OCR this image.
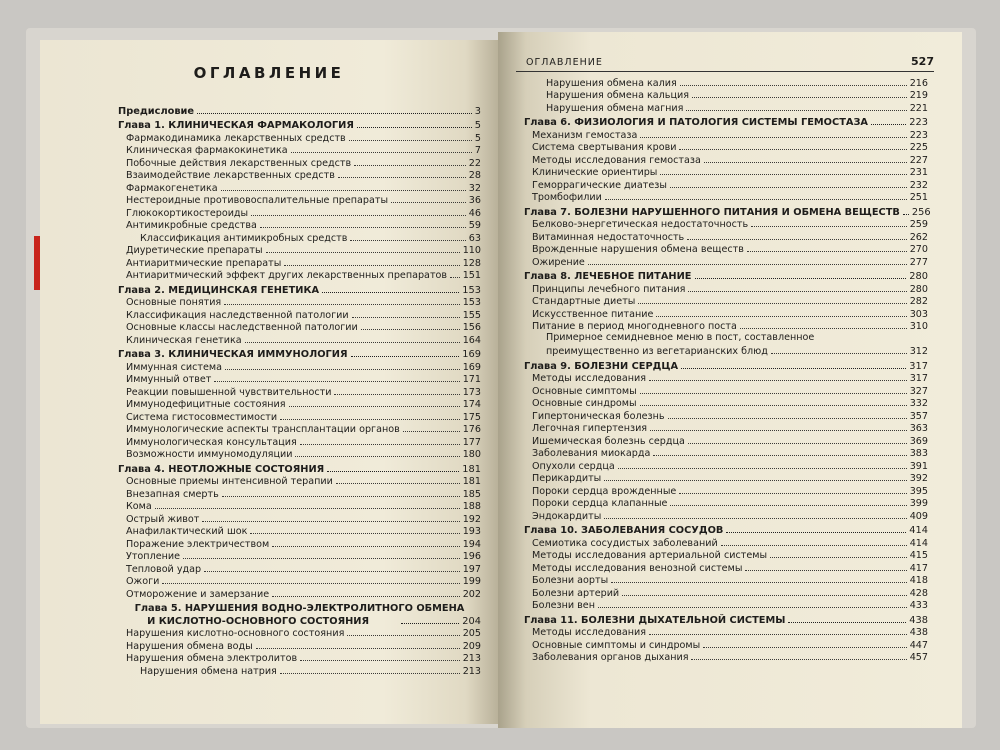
ОГЛАВЛЕНИЕ
Предисловие	3
Глава 1. КЛИНИЧЕСКАЯ ФАРМАКОЛОГИЯ	5
Фармакодинамика лекарственных средств	5
Клиническая фармакокинетика	7
Побочные действия лекарственных средств	22
Взаимодействие лекарственных средств	28
Фармакогенетика	32
Нестероидные противовоспалительные препараты	36
Глюкокортикостероиды	46
Антимикробные средства	59
Классификация антимикробных средств	63
Диуретические препараты	110
Антиаритмические препараты	128
Антиаритмический эффект других лекарственных препаратов 151
Глава 2. МЕДИЦИНСКАЯ ГЕНЕТИКА	153
Основные понятия	153
Классификация наследственной патологии	155
Основные классы наследственной патологии	156
Клиническая генетика	164
Глава 3. КЛИНИЧЕСКАЯ ИММУНОЛОГИЯ	169
Иммунная система	169
Иммунный ответ	171
Реакции повышенной чувствительности	173
Иммунодефицитные состояния	174
Система гистосовместимости	175
Иммунологические аспекты трансплантации органов	176
Иммунологическая консультация	177
Возможности иммуномодуляции	180
Глава 4. НЕОТЛОЖНЫЕ СОСТОЯНИЯ	181
Основные приемы интенсивной терапии	181
Внезапная смерть	185
Кома	188
Острый живот	192
Анафилактический шок	193
Поражение электричеством	194
Утопление	196
Тепловой удар	197
Ожоги	199
Отморожение и замерзание	202
Глава 5. НАРУШЕНИЯ ВОДНО-ЭЛЕКТРОЛИТНОГО ОБМЕНА
И КИСЛОТНО-ОСНОВНОГО СОСТОЯНИЯ	204
Нарушения кислотно-основного состояния	205
Нарушения обмена воды	209
Нарушения обмена электролитов	213
Нарушения обмена натрия	213
ОГЛАВЛЕНИЕ	527
Нарушения обмена калия	216
Нарушения обмена кальция	219
Нарушения обмена магния	221
Глава 6. ФИЗИОЛОГИЯ И ПАТОЛОГИЯ СИСТЕМЫ ГЕМОСТАЗА	223
Механизм гемостаза	223
Система свертывания крови	225
Методы исследования гемостаза	227
Клинические ориентиры	231
Геморрагические диатезы	232
Тромбофилии	251
Глава 7. БОЛЕЗНИ НАРУШЕННОГО ПИТАНИЯ И ОБМЕНА ВЕЩЕСТВ 256
Белково-энергетическая недостаточность	259
Витаминная недостаточность	262
Врожденные нарушения обмена веществ	270
Ожирение	277
Глава 8. ЛЕЧЕБНОЕ ПИТАНИЕ	280
Принципы лечебного питания	280
Стандартные диеты	282
Искусственное питание	303
Питание в период многодневного поста	310
Примерное семидневное меню в пост, составленное
преимущественно из вегетарианских блюд	312
Глава 9. БОЛЕЗНИ СЕРДЦА	317
Методы исследования	317
Основные симптомы	327
Основные синдромы	332
Гипертоническая болезнь	357
Легочная гипертензия	363
Ишемическая болезнь сердца	369
Заболевания миокарда	383
Опухоли сердца	391
Перикардиты	392
Пороки сердца врожденные	395
Пороки сердца клапанные	399
Эндокардиты	409
Глава 10. ЗАБОЛЕВАНИЯ СОСУДОВ	414
Семиотика сосудистых заболеваний	414
Методы исследования артериальной системы	415
Методы исследования венозной системы	417
Болезни аорты	418
Болезни артерий	428
Болезни вен	433
Глава 11. БОЛЕЗНИ ДЫХАТЕЛЬНОЙ СИСТЕМЫ	438
Методы исследования	438
Основные симптомы и синдромы	447
Заболевания органов дыхания	457
